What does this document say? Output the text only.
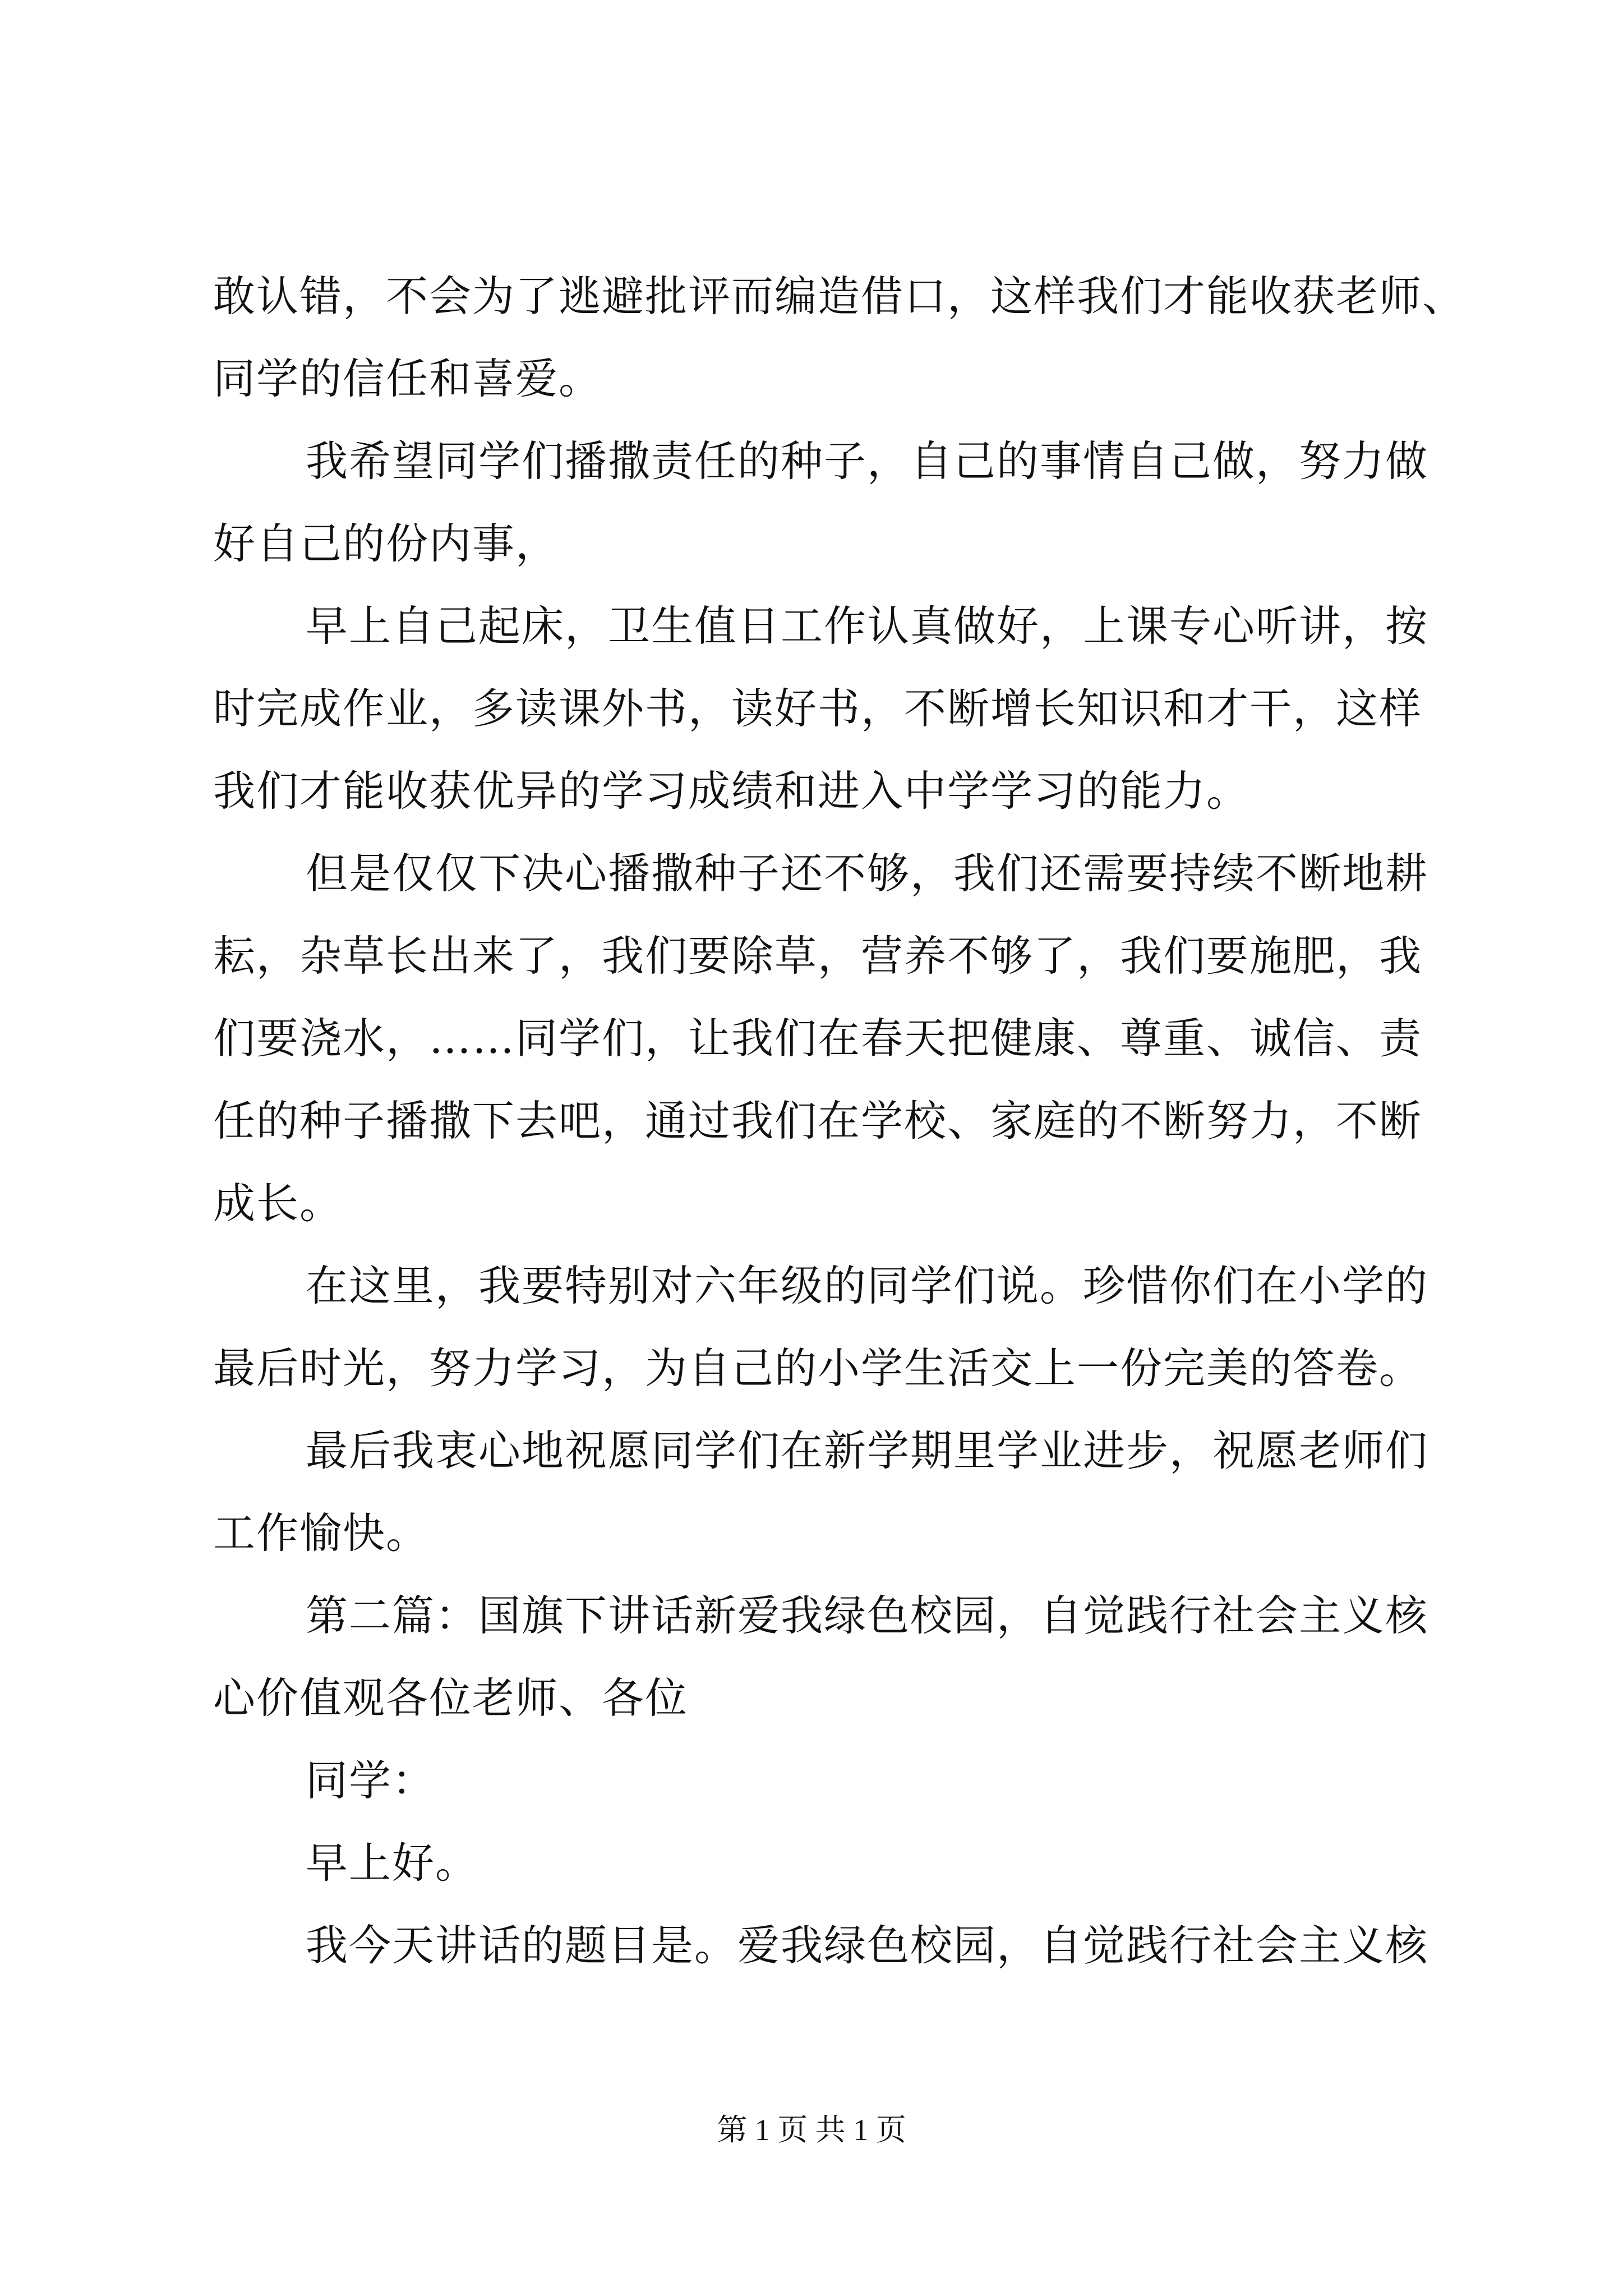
敢认错，不会为了逃避批评而编造借口，这样我们才能收获老师、
同学的信任和喜爱。
我希望同学们播撒责任的种子，自己的事情自己做，努力做
好自己的份内事，
早上自己起床，卫生值日工作认真做好，上课专心听讲，按
时完成作业，多读课外书，读好书，不断增长知识和才干，这样
我们才能收获优异的学习成绩和进入中学学习的能力。
但是仅仅下决心播撒种子还不够，我们还需要持续不断地耕
耘，杂草长出来了，我们要除草，营养不够了，我们要施肥，我
们要浇水，……同学们，让我们在春天把健康、尊重、诚信、责
任的种子播撒下去吧，通过我们在学校、家庭的不断努力，不断
成长。
在这里，我要特别对六年级的同学们说。珍惜你们在小学的
最后时光，努力学习，为自己的小学生活交上一份完美的答卷。
最后我衷心地祝愿同学们在新学期里学业进步，祝愿老师们
工作愉快。
第二篇：国旗下讲话新爱我绿色校园，自觉践行社会主义核
心价值观各位老师、各位
同学：
早上好。
我今天讲话的题目是。爱我绿色校园，自觉践行社会主义核
第 1 页 共 1 页
